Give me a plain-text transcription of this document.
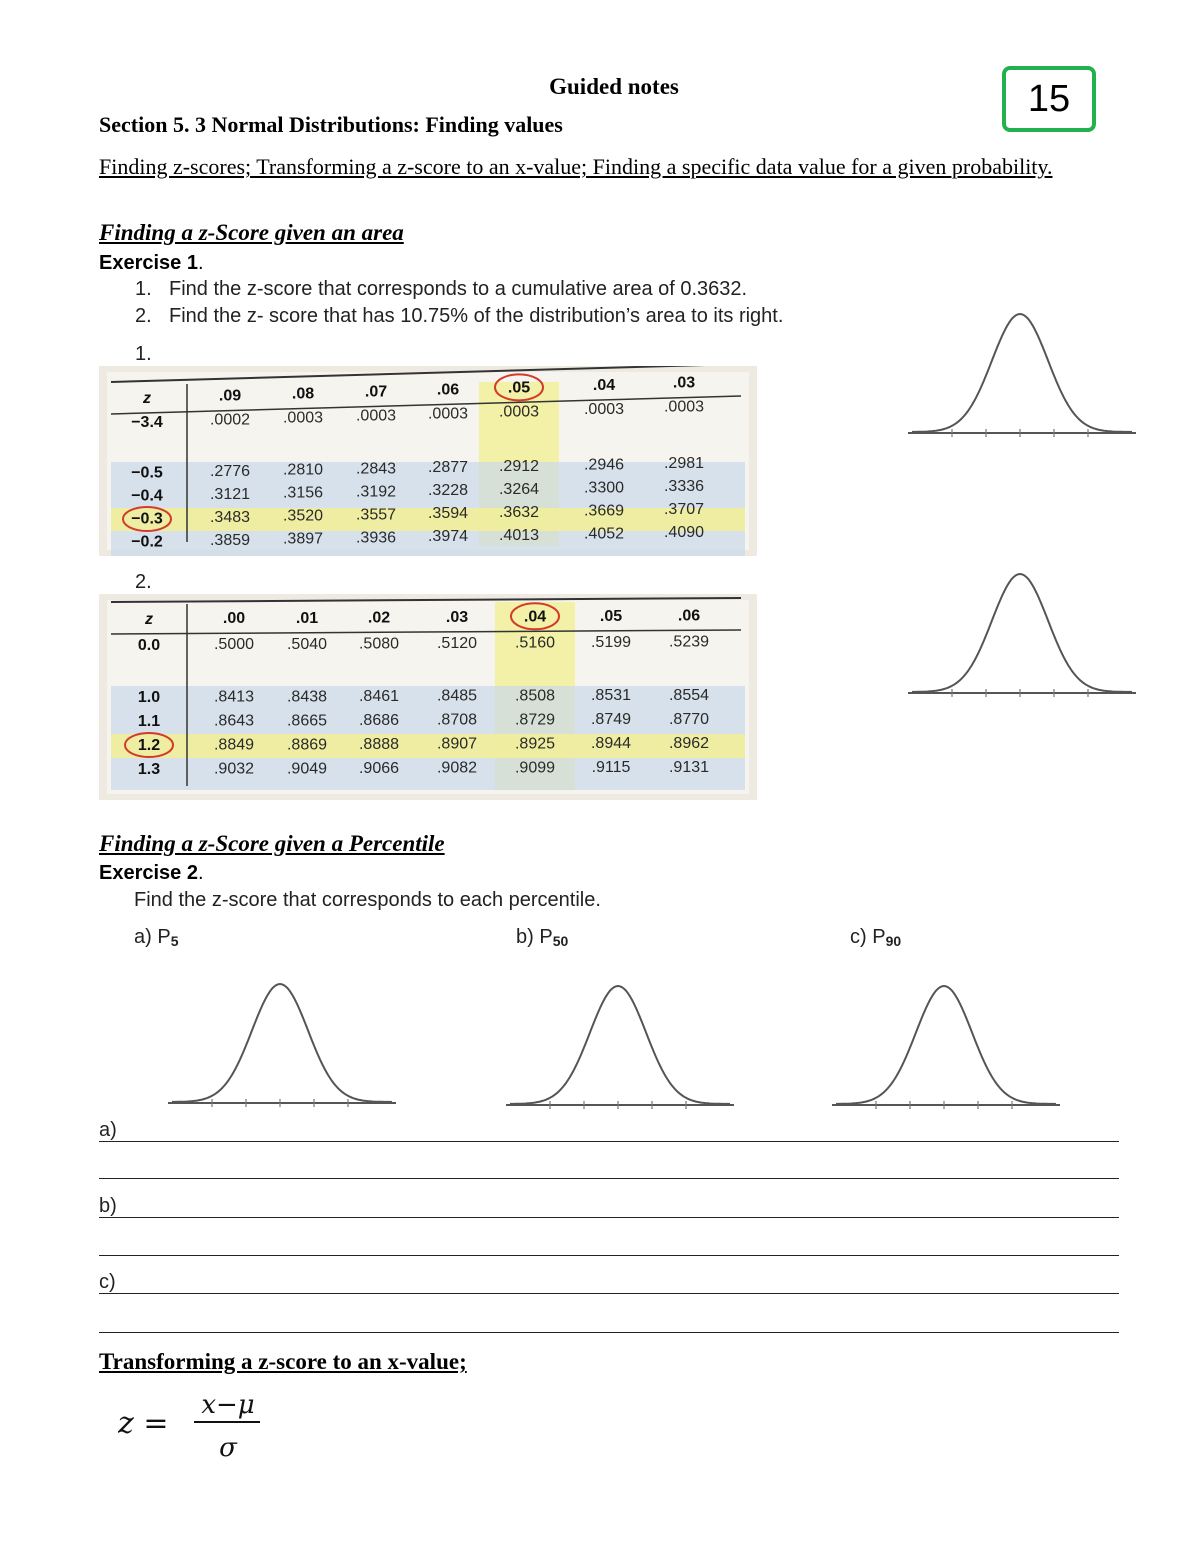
Guided notes	15
Section 5. 3 Normal Distributions: Finding values
Finding z-scores; Transforming a z-score to an x-value; Finding a specific data value for a given probability.
Finding a z-Score given an area
Exercise 1.
1. Find the z-score that corresponds to a cumulative area of 0.3632.
2. Find the z- score that has 10.75% of the distribution’s area to its right.
1.
2.
z	.09	.08	.07	.06	.05	.04	.03
−3.4	.0002 .0003 .0003 .0003 .0003	.0003 .0003
−0.5	.2776 .2810 .2843 .2877 .2912	.2946 .2981
−0.4	.3121 .3156 .3192 .3228 .3264	.3300 .3336
−0.3	.3483 .3520 .3557 .3594 .3632	.3669 .3707
−0.2	.3859 .3897 .3936 .3974 .4013	.4052 .4090
z	.00	.01	.02	.03	.04	.05	.06
0.0	.5000 .5040 .5080 .5120 .5160 .5199 .5239
1.0	.8413 .8438 .8461 .8485 .8508 .8531 .8554
1.1	.8643 .8665 .8686 .8708 .8729 .8749 .8770
1.2	.8849 .8869 .8888 .8907 .8925 .8944 .8962
1.3	.9032 .9049 .9066 .9082 .9099 .9115 .9131
Finding a z-Score given a Percentile
Exercise 2.
Find the z-score that corresponds to each percentile.
a) P5	b) P50	c) P90
a)
b)
c)
Transforming a z-score to an x-value;
z =
x−μ
σ
